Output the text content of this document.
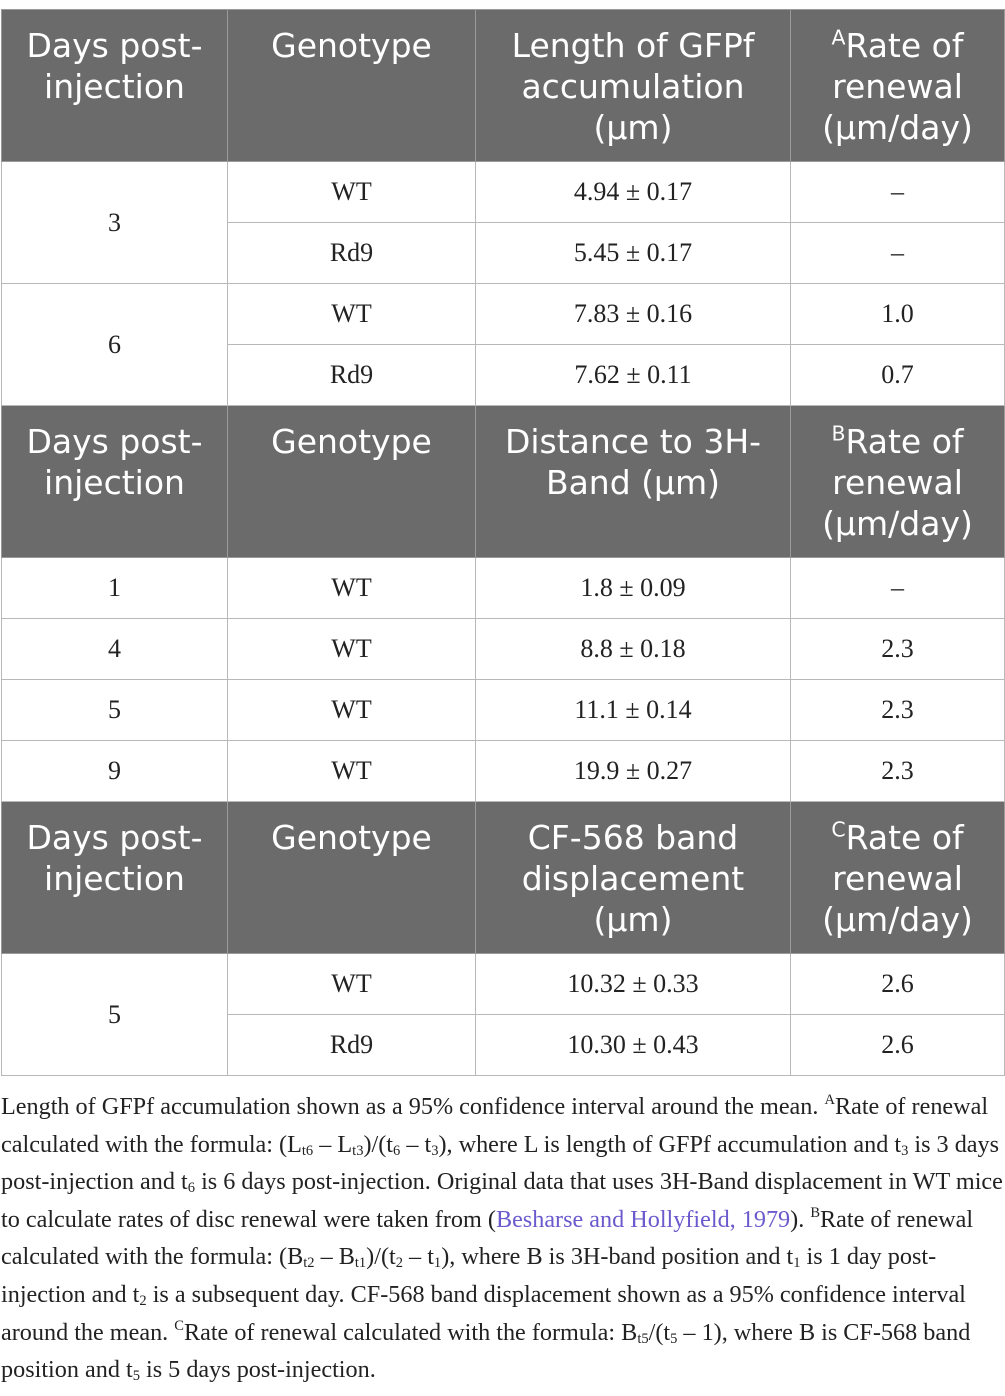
Days post-injection	Genotype	Length of GFPf accumulation (μm)	$^A$Rate of renewal (μm/day)
3	WT	4.94 ± 0.17	–
	Rd9	5.45 ± 0.17	–
6	WT	7.83 ± 0.16	1.0
	Rd9	7.62 ± 0.11	0.7
Days post-injection	Genotype	Distance to 3H-Band (μm)	$^B$Rate of renewal (μm/day)
1	WT	1.8 ± 0.09	–
4	WT	8.8 ± 0.18	2.3
5	WT	11.1 ± 0.14	2.3
9	WT	19.9 ± 0.27	2.3
Days post-injection	Genotype	CF-568 band displacement (μm)	$^C$Rate of renewal (μm/day)
5	WT	10.32 ± 0.33	2.6
	Rd9	10.30 ± 0.43	2.6

Length of GFPf accumulation shown as a 95% confidence interval around the mean. $^A$Rate of renewal calculated with the formula: $(L_{t6} - L_{t3})/(t_6 - t_3)$, where L is length of GFPf accumulation and $t_3$ is 3 days post-injection and $t_6$ is 6 days post-injection. Original data that uses 3H-Band displacement in WT mice to calculate rates of disc renewal were taken from (Besharse and Hollyfield, 1979). $^B$Rate of renewal calculated with the formula: $(B_{t2} - B_{t1})/(t_2 - t_1)$, where B is 3H-band position and $t_1$ is 1 day post-injection and $t_2$ is a subsequent day. CF-568 band displacement shown as a 95% confidence interval around the mean. $^C$Rate of renewal calculated with the formula: $B_{t5}/(t_5 - 1)$, where B is CF-568 band position and $t_5$ is 5 days post-injection.
